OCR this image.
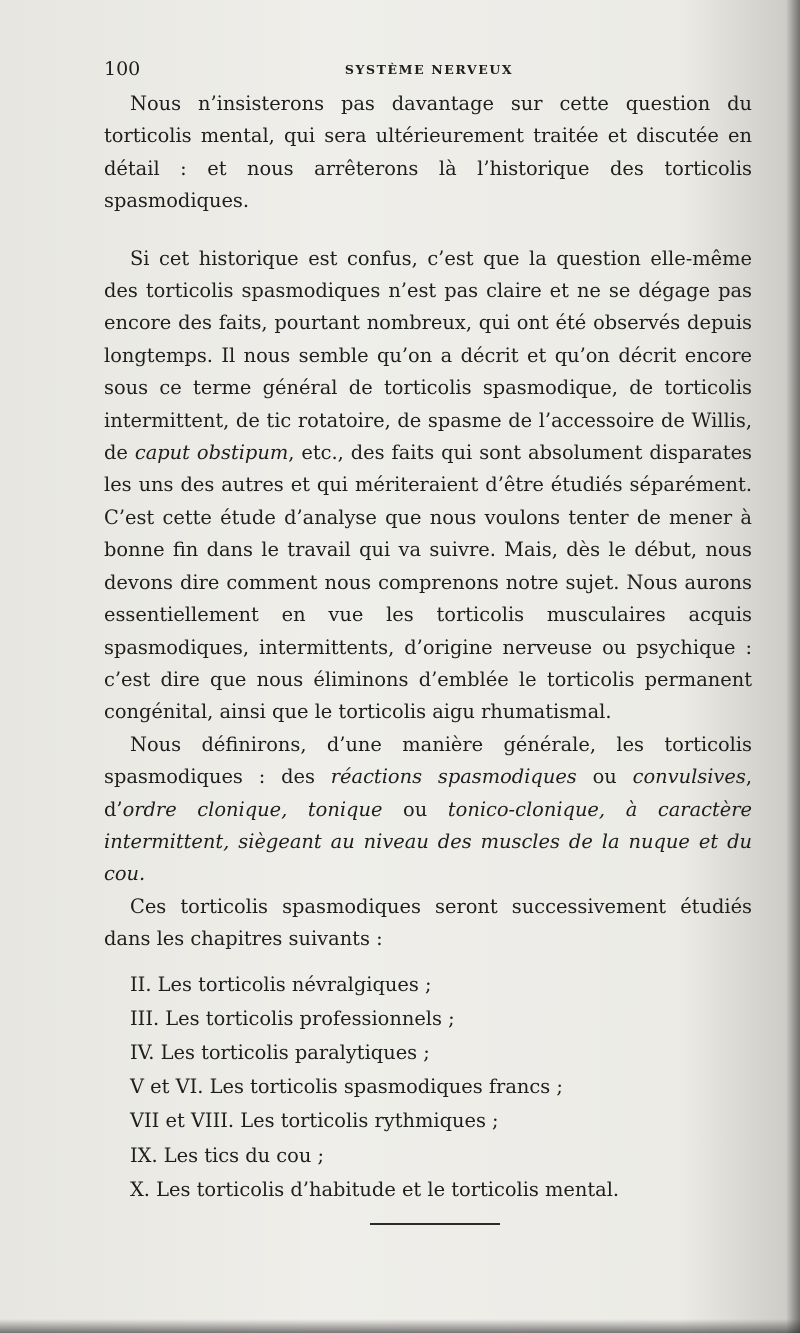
100	SYSTÈME NERVEUX

Nous n’insisterons pas davantage sur cette question du torticolis mental, qui sera ultérieurement traitée et discutée en détail : et nous arrêterons là l’historique des torticolis spasmodiques.

Si cet historique est confus, c’est que la question elle-même des torticolis spasmodiques n’est pas claire et ne se dégage pas encore des faits, pourtant nombreux, qui ont été observés depuis longtemps. Il nous semble qu’on a décrit et qu’on décrit encore sous ce terme général de torticolis spasmodique, de torticolis intermittent, de tic rotatoire, de spasme de l’accessoire de Willis, de caput obstipum, etc., des faits qui sont absolument disparates les uns des autres et qui mériteraient d’être étudiés séparément. C’est cette étude d’analyse que nous voulons tenter de mener à bonne fin dans le travail qui va suivre. Mais, dès le début, nous devons dire comment nous comprenons notre sujet. Nous aurons essentiellement en vue les torticolis musculaires acquis spasmodiques, intermittents, d’origine nerveuse ou psychique : c’est dire que nous éliminons d’emblée le torticolis permanent congénital, ainsi que le torticolis aigu rhumatismal.

Nous définirons, d’une manière générale, les torticolis spasmodiques : des réactions spasmodiques ou convulsives, d’ordre clonique, tonique ou tonico-clonique, à caractère intermittent, siègeant au niveau des muscles de la nuque et du cou.

Ces torticolis spasmodiques seront successivement étudiés dans les chapitres suivants :

II. Les torticolis névralgiques ;
III. Les torticolis professionnels ;
IV. Les torticolis paralytiques ;
V et VI. Les torticolis spasmodiques francs ;
VII et VIII. Les torticolis rythmiques ;
IX. Les tics du cou ;
X. Les torticolis d’habitude et le torticolis mental.
